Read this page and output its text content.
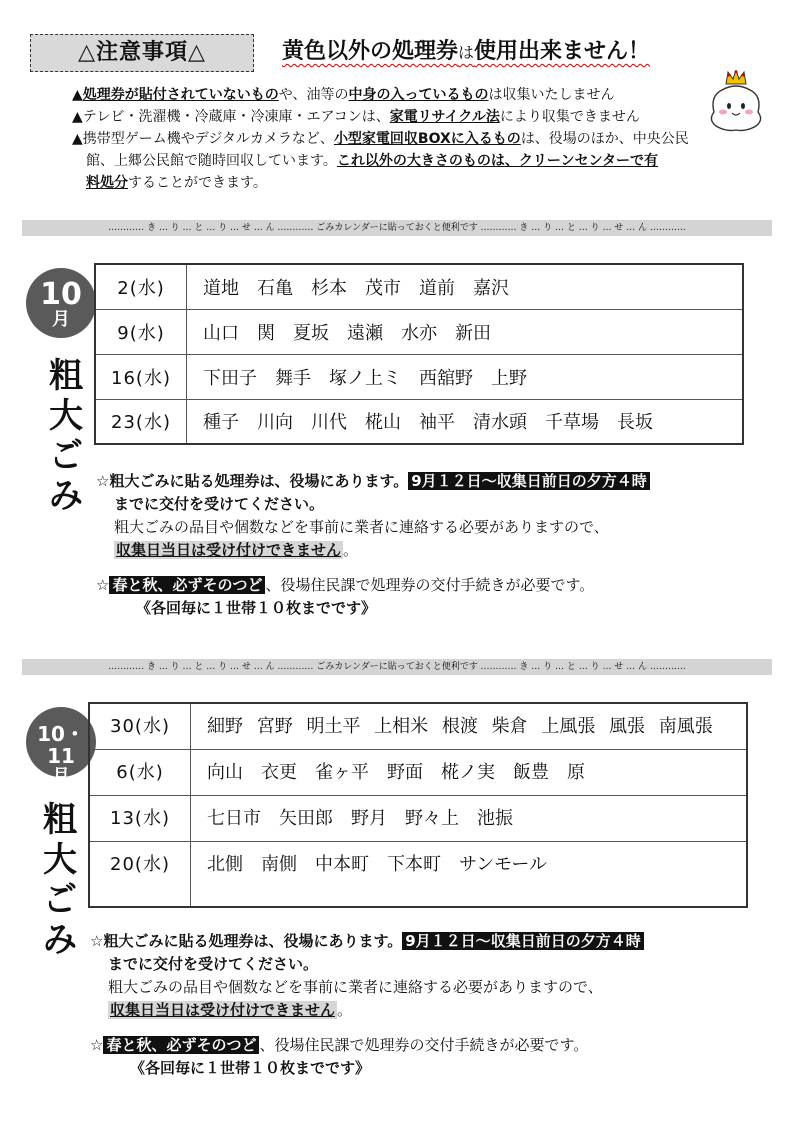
△注意事項△	黄色以外の処理券は使用出来ません！

▲処理券が貼付されていないものや、油等の中身の入っているものは収集いたしません

▲テレビ・洗濯機・冷蔵庫・冷凍庫・エアコンは、家電リサイクル法により収集できません

▲携帯型ゲーム機やデジタルカメラなど、小型家電回収BOXに入るものは、役場のほか、中央公民

館、上郷公民館で随時回収しています。これ以外の大きさのものは、クリーンセンターで有

料処分することができます。

………… き … り … と … り … せ … ん ………… ごみカレンダーに貼っておくと便利です ………… き … り … と … り … せ … ん …………
10
月
粗
大
ご
み
2(水)	道地　石亀　杉本　茂市　道前　嘉沢
9(水)	山口　関　夏坂　遠瀬　水亦　新田
16(水)	下田子　舞手　塚ノ上ミ　西舘野　上野
23(水)	種子　川向　川代　椛山　袖平　清水頭　千草場　長坂

☆粗大ごみに貼る処理券は、役場にあります。 9月１２日～収集日前日の夕方４時

までに交付を受けてください。

粗大ごみの品目や個数などを事前に業者に連絡する必要がありますので、

収集日当日は受け付けできません 。

☆ 春と秋、必ずそのつど 、役場住民課で処理券の交付手続きが必要です。

《各回毎に１世帯１０枚までです》

………… き … り … と … り … せ … ん ………… ごみカレンダーに貼っておくと便利です ………… き … り … と … り … せ … ん …………
10・11
月
粗
大
ご
み
30(水)	細野 宮野 明土平 上相米 根渡 柴倉 上風張 風張 南風張
6(水)	向山　衣更　雀ヶ平　野面　椛ノ実　飯豊　原
13(水)	七日市　矢田郎　野月　野々上　池振
20(水)	北側　南側　中本町　下本町　サンモール

☆粗大ごみに貼る処理券は、役場にあります。 9月１２日～収集日前日の夕方４時

までに交付を受けてください。

粗大ごみの品目や個数などを事前に業者に連絡する必要がありますので、

収集日当日は受け付けできません 。

☆ 春と秋、必ずそのつど 、役場住民課で処理券の交付手続きが必要です。

《各回毎に１世帯１０枚までです》
